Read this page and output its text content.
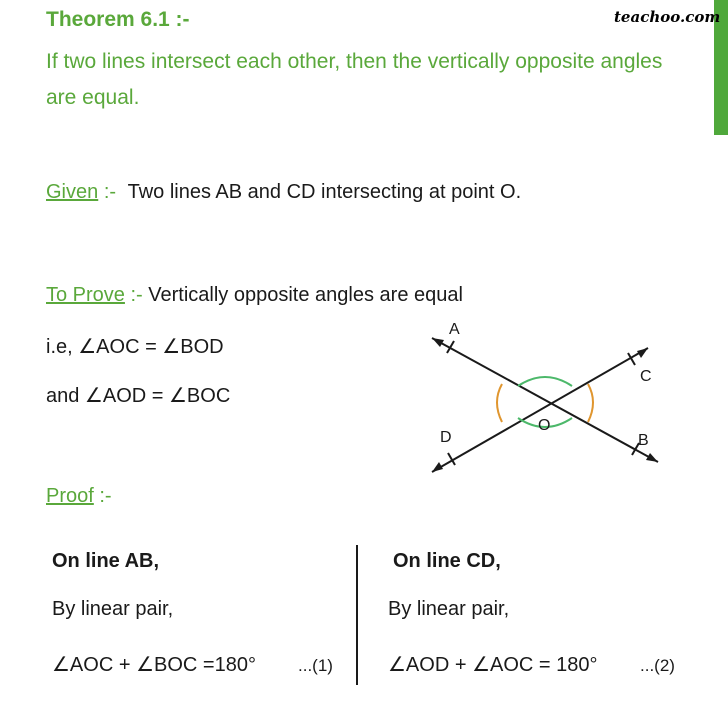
Theorem 6.1 :-	teachoo.com
If two lines intersect each other, then the vertically opposite angles are equal.
Given :- Two lines AB and CD intersecting at point O.
To Prove :- Vertically opposite angles are equal
i.e, ∠AOC = ∠BOD
and ∠AOD = ∠BOC
A
B
C
D
O
Proof :-
On line AB,
By linear pair,
∠AOC + ∠BOC =180° ...(1)
On line CD,
By linear pair,
∠AOD + ∠AOC = 180°	...(2)
